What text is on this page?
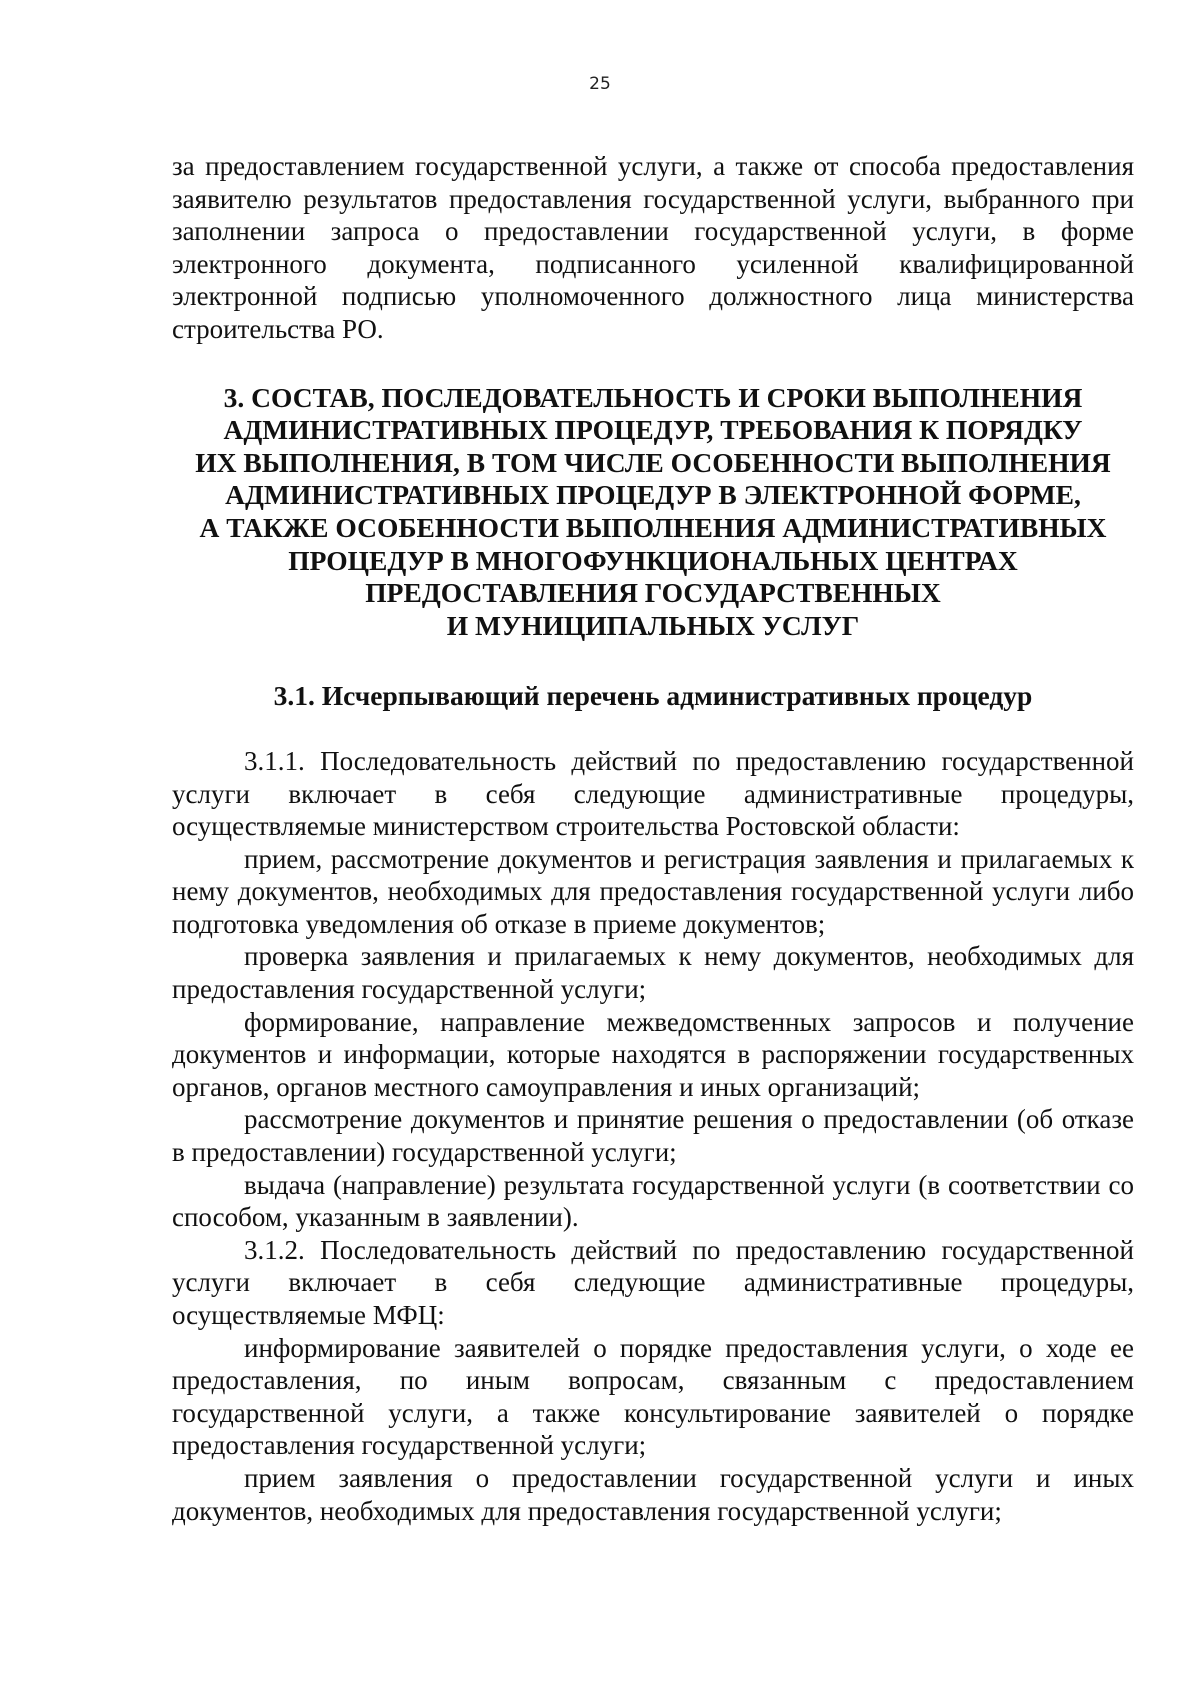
25

за предоставлением государственной услуги, а также от способа предоставления заявителю результатов предоставления государственной услуги, выбранного при заполнении запроса о предоставлении государственной услуги, в форме электронного документа, подписанного усиленной квалифицированной электронной подписью уполномоченного должностного лица министерства строительства РО.

3. СОСТАВ, ПОСЛЕДОВАТЕЛЬНОСТЬ И СРОКИ ВЫПОЛНЕНИЯ
АДМИНИСТРАТИВНЫХ ПРОЦЕДУР, ТРЕБОВАНИЯ К ПОРЯДКУ
ИХ ВЫПОЛНЕНИЯ, В ТОМ ЧИСЛЕ ОСОБЕННОСТИ ВЫПОЛНЕНИЯ
АДМИНИСТРАТИВНЫХ ПРОЦЕДУР В ЭЛЕКТРОННОЙ ФОРМЕ,
А ТАКЖЕ ОСОБЕННОСТИ ВЫПОЛНЕНИЯ АДМИНИСТРАТИВНЫХ
ПРОЦЕДУР В МНОГОФУНКЦИОНАЛЬНЫХ ЦЕНТРАХ
ПРЕДОСТАВЛЕНИЯ ГОСУДАРСТВЕННЫХ
И МУНИЦИПАЛЬНЫХ УСЛУГ
3.1. Исчерпывающий перечень административных процедур

3.1.1. Последовательность действий по предоставлению государственной услуги включает в себя следующие административные процедуры, осуществляемые министерством строительства Ростовской области:

прием, рассмотрение документов и регистрация заявления и прилагаемых к нему документов, необходимых для предоставления государственной услуги либо подготовка уведомления об отказе в приеме документов;

проверка заявления и прилагаемых к нему документов, необходимых для предоставления государственной услуги;

формирование, направление межведомственных запросов и получение документов и информации, которые находятся в распоряжении государственных органов, органов местного самоуправления и иных организаций;

рассмотрение документов и принятие решения о предоставлении (об отказе в предоставлении) государственной услуги;

выдача (направление) результата государственной услуги (в соответствии со способом, указанным в заявлении).

3.1.2. Последовательность действий по предоставлению государственной услуги включает в себя следующие административные процедуры, осуществляемые МФЦ:

информирование заявителей о порядке предоставления услуги, о ходе ее предоставления, по иным вопросам, связанным с предоставлением государственной услуги, а также консультирование заявителей о порядке предоставления государственной услуги;

прием заявления о предоставлении государственной услуги и иных документов, необходимых для предоставления государственной услуги;
